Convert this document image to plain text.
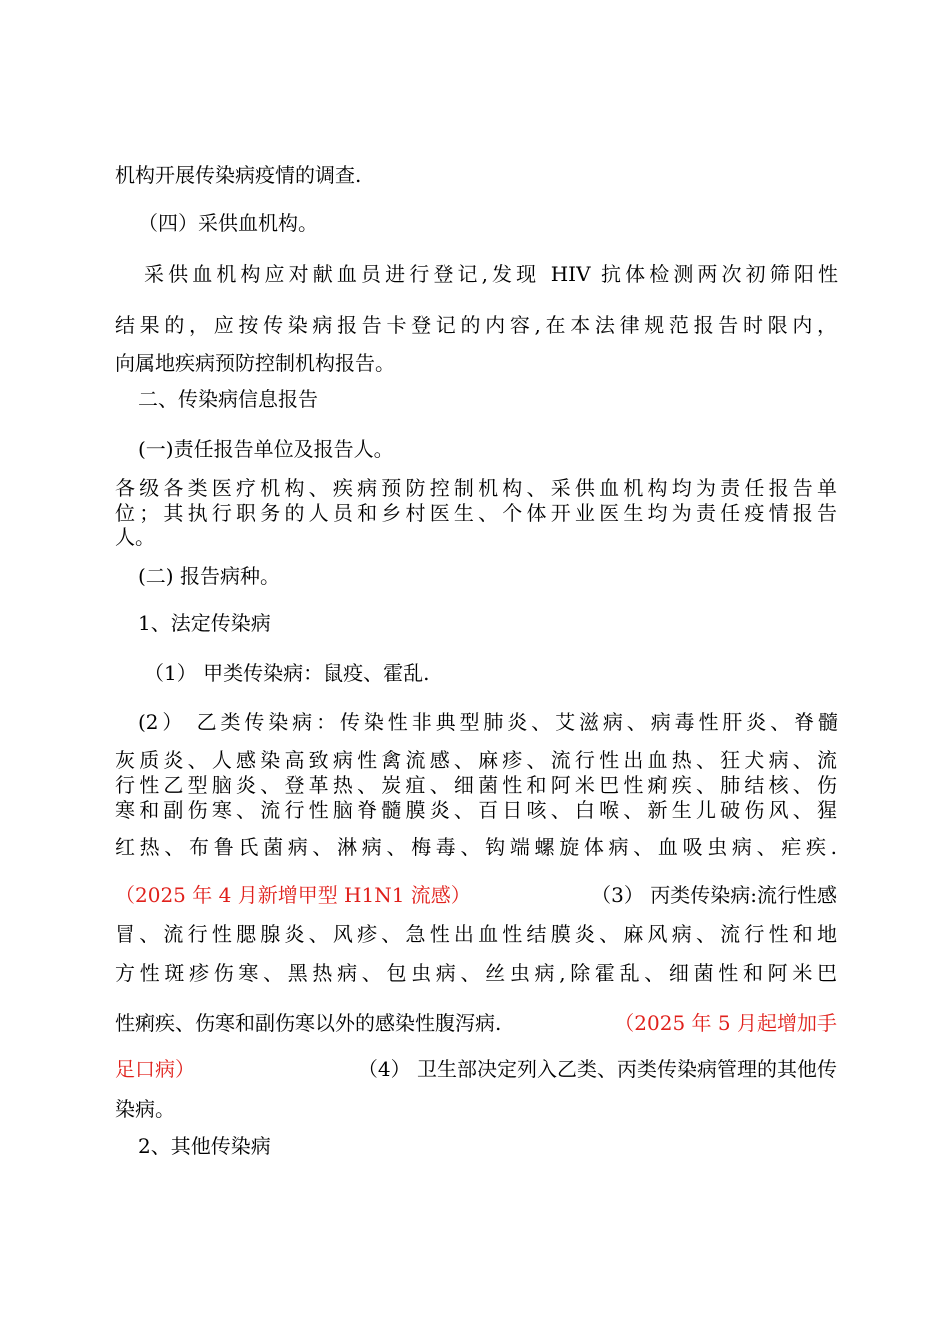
机构开展传染病疫情的调查.
（四）采供血机构。
采供血机构应对献血员进行登记,发现 HIV 抗体检测两次初筛阳性
结果的，应按传染病报告卡登记的内容,在本法律规范报告时限内，
向属地疾病预防控制机构报告。
二、传染病信息报告
(一)责任报告单位及报告人。
各级各类医疗机构、疾病预防控制机构、采供血机构均为责任报告单
位；其执行职务的人员和乡村医生、个体开业医生均为责任疫情报告
人。
(二) 报告病种。
1、法定传染病
（1） 甲类传染病：鼠疫、霍乱.
(2） 乙类传染病：传染性非典型肺炎、艾滋病、病毒性肝炎、脊髓
灰质炎、人感染高致病性禽流感、麻疹、流行性出血热、狂犬病、流
行性乙型脑炎、登革热、炭疽、细菌性和阿米巴性痢疾、肺结核、伤
寒和副伤寒、流行性脑脊髓膜炎、百日咳、白喉、新生儿破伤风、猩
红热、布鲁氏菌病、淋病、梅毒、钩端螺旋体病、血吸虫病、疟疾.
（2025 年 4 月新增甲型 H1N1 流感）	（3） 丙类传染病:流行性感
冒、流行性腮腺炎、风疹、急性出血性结膜炎、麻风病、流行性和地
方性斑疹伤寒、黑热病、包虫病、丝虫病,除霍乱、细菌性和阿米巴
性痢疾、伤寒和副伤寒以外的感染性腹泻病.	（2025 年 5 月起增加手
足口病）	（4） 卫生部决定列入乙类、丙类传染病管理的其他传
染病。
2、其他传染病
